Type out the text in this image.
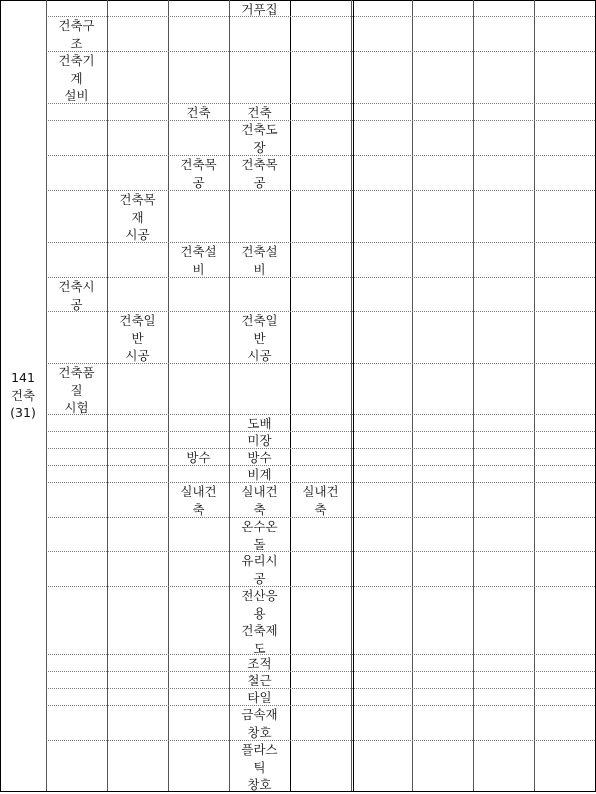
141
건축
(31)
거푸집
건축구
조
건축기
계
설비
건축	건축
건축도
장
건축목
공
건축목
공
건축목
재
시공
건축설
비
건축설
비
건축시
공
건축일
반
시공
건축일
반
시공
건축품
질
시험
도배
미장
방수	방수
비계
실내건
축
실내건
축
실내건
축
온수온
돌
유리시
공
전산응
용
건축제
도
조적
철근
타일
금속재
창호
플라스
틱
창호
